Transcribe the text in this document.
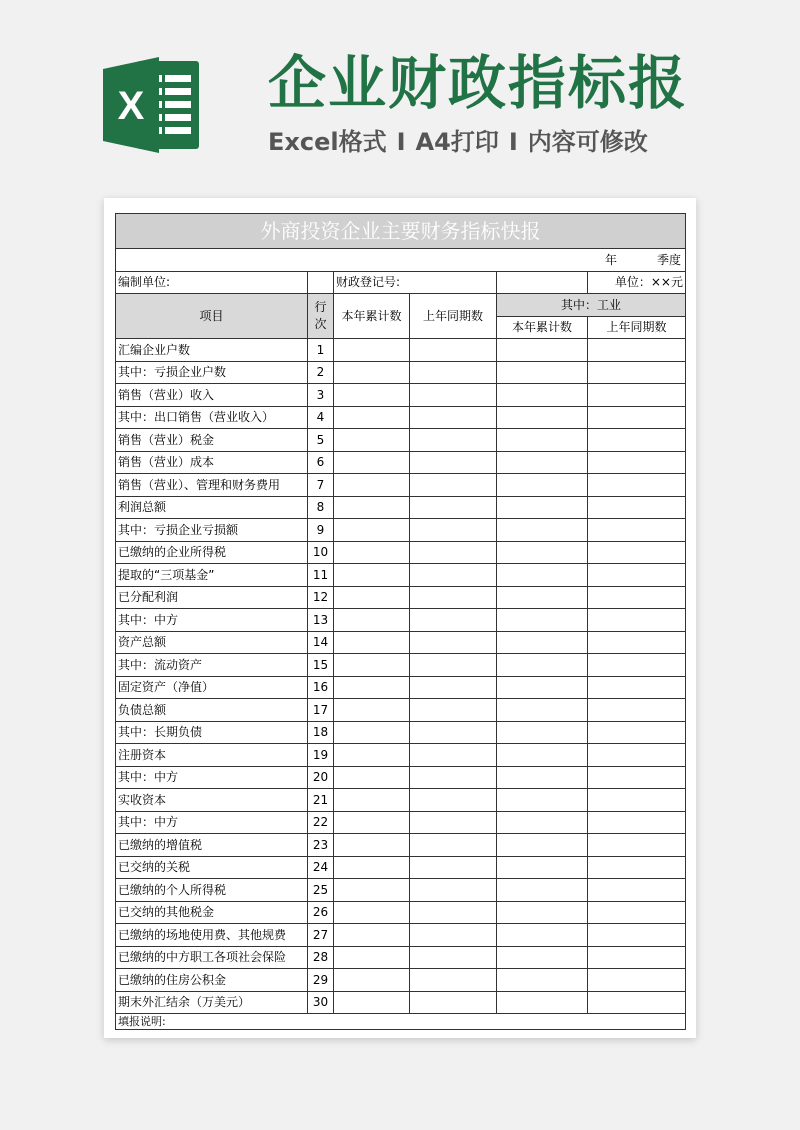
X 企业财政指标报
Excel格式 I A4打印 I 内容可修改
外商投资企业主要财务指标快报					
年 季度					
编制单位:		财政登记号:			单位：××元
项目	行次	本年累计数	上年同期数	其中：工业	
				本年累计数	上年同期数
汇编企业户数	1				
其中：亏损企业户数	2				
销售（营业）收入	3				
其中：出口销售（营业收入）	4				
销售（营业）税金	5				
销售（营业）成本	6				
销售（营业）、管理和财务费用	7				
利润总额	8				
其中：亏损企业亏损额	9				
已缴纳的企业所得税	10				
提取的“三项基金”	11				
已分配利润	12				
其中：中方	13				
资产总额	14				
其中：流动资产	15				
固定资产（净值）	16				
负债总额	17				
其中：长期负债	18				
注册资本	19				
其中：中方	20				
实收资本	21				
其中：中方	22				
已缴纳的增值税	23				
已交纳的关税	24				
已缴纳的个人所得税	25				
已交纳的其他税金	26				
已缴纳的场地使用费、其他规费	27				
已缴纳的中方职工各项社会保险	28				
已缴纳的住房公积金	29				
期末外汇结余（万美元）	30				
填报说明:					
